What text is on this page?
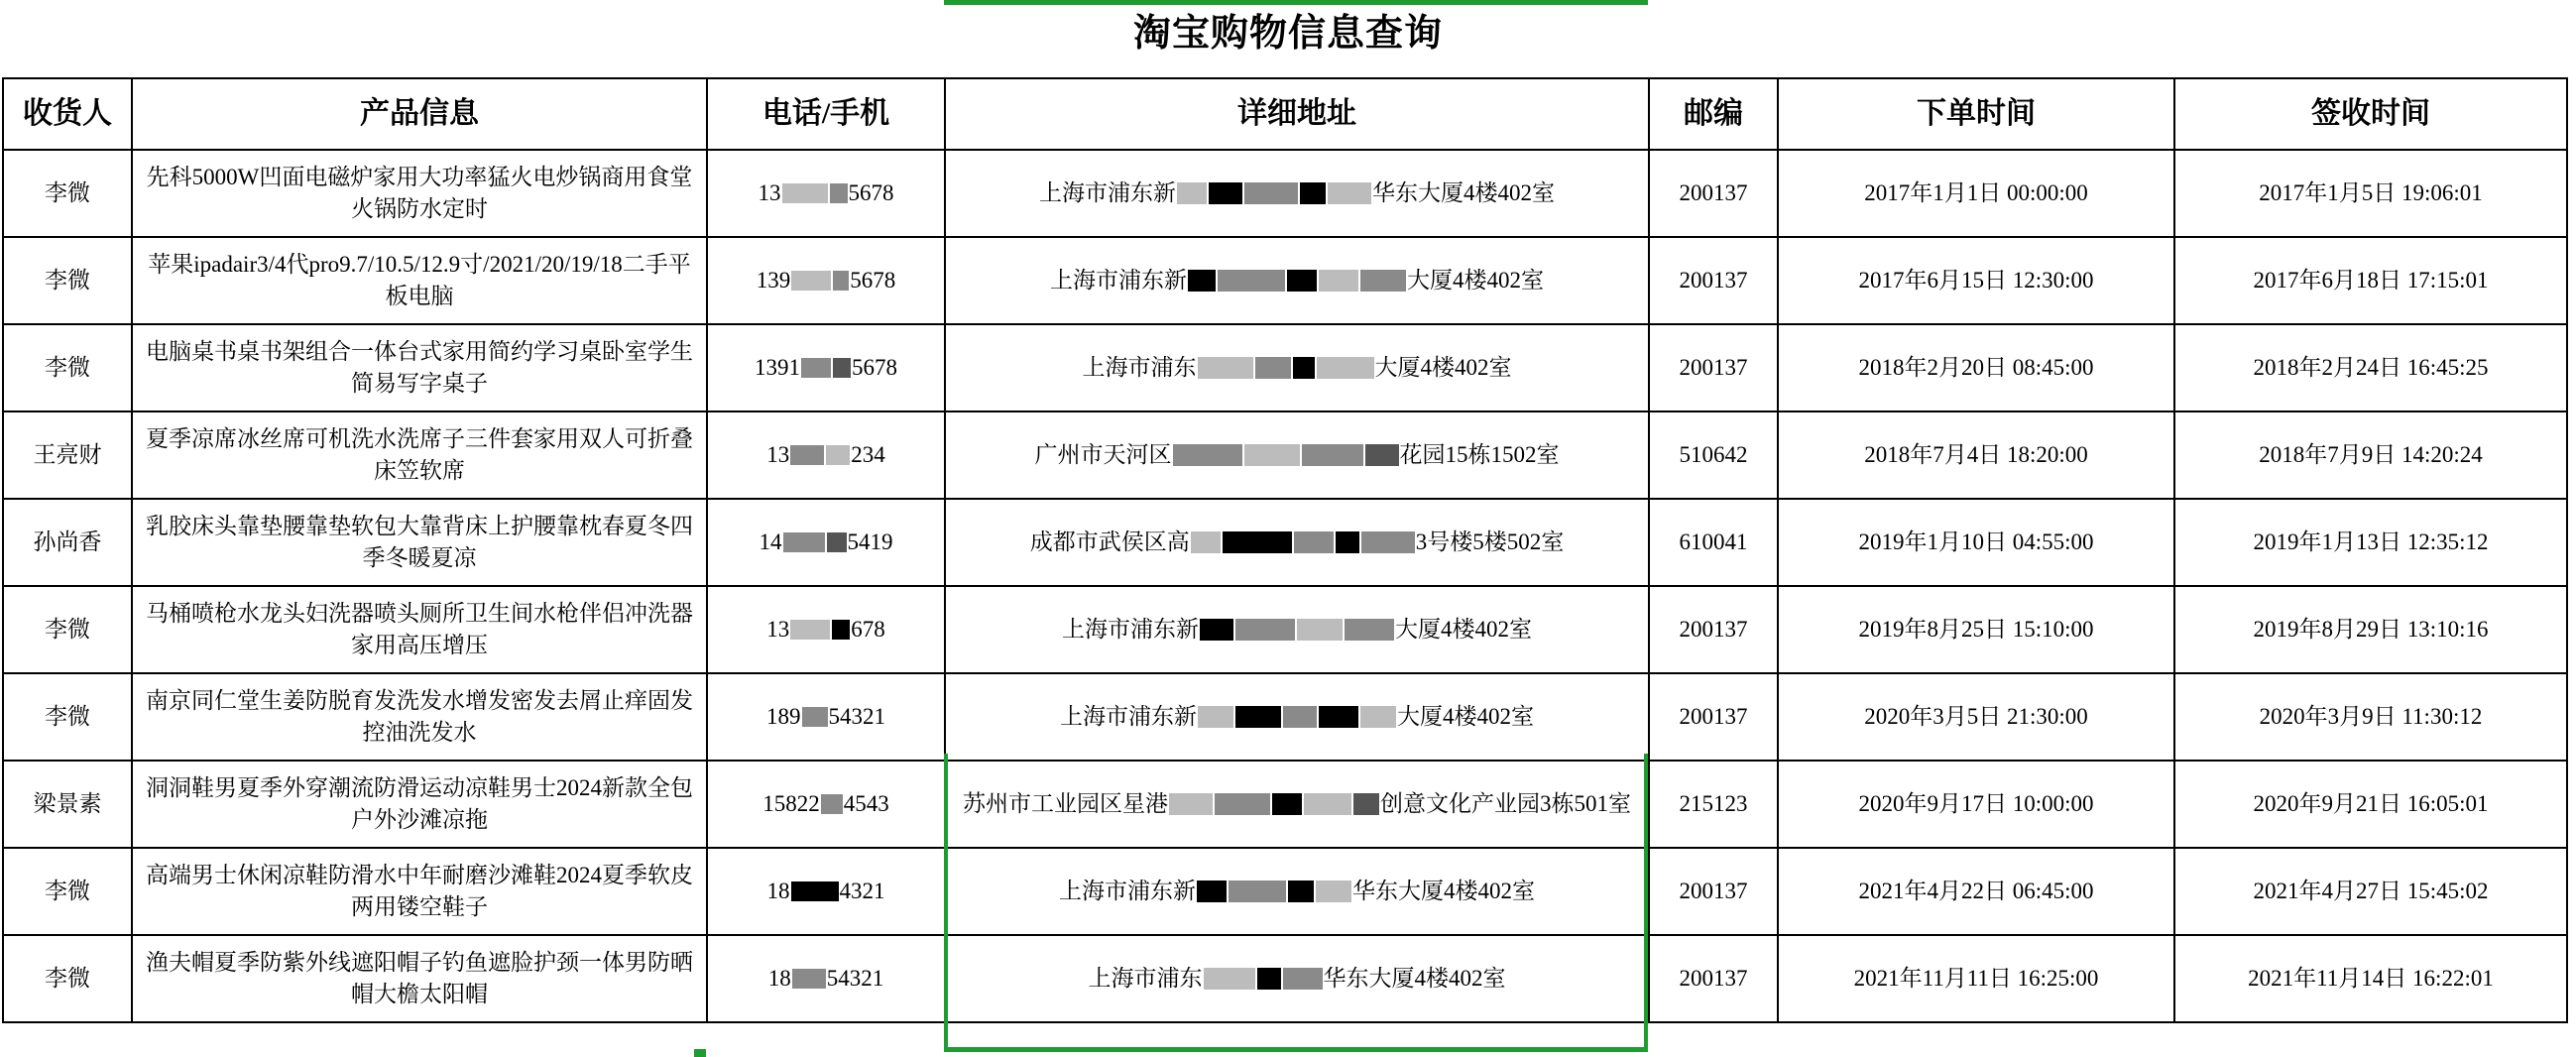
淘宝购物信息查询
收货人	产品信息	电话/手机	详细地址	邮编	下单时间	签收时间
李微	先科5000W凹面电磁炉家用大功率猛火电炒锅商用食堂火锅防水定时	13 5678	上海市浦东新 华东大厦4楼402室	200137	2017年1月1日 00:00:00	2017年1月5日 19:06:01
李微	苹果ipadair3/4代pro9.7/10.5/12.9寸/2021/20/19/18二手平板电脑	139 5678	上海市浦东新 大厦4楼402室	200137	2017年6月15日 12:30:00	2017年6月18日 17:15:01
李微	电脑桌书桌书架组合一体台式家用简约学习桌卧室学生简易写字桌子	1391 5678	上海市浦东 大厦4楼402室	200137	2018年2月20日 08:45:00	2018年2月24日 16:45:25
王亮财	夏季凉席冰丝席可机洗水洗席子三件套家用双人可折叠床笠软席	13 234	广州市天河区 花园15栋1502室	510642	2018年7月4日 18:20:00	2018年7月9日 14:20:24
孙尚香	乳胶床头靠垫腰靠垫软包大靠背床上护腰靠枕春夏冬四季冬暖夏凉	14 5419	成都市武侯区高 3号楼5楼502室	610041	2019年1月10日 04:55:00	2019年1月13日 12:35:12
李微	马桶喷枪水龙头妇洗器喷头厕所卫生间水枪伴侣冲洗器家用高压增压	13 678	上海市浦东新 大厦4楼402室	200137	2019年8月25日 15:10:00	2019年8月29日 13:10:16
李微	南京同仁堂生姜防脱育发洗发水增发密发去屑止痒固发控油洗发水	189 54321	上海市浦东新 大厦4楼402室	200137	2020年3月5日 21:30:00	2020年3月9日 11:30:12
梁景素	洞洞鞋男夏季外穿潮流防滑运动凉鞋男士2024新款全包户外沙滩凉拖	15822 4543	苏州市工业园区星港 创意文化产业园3栋501室	215123	2020年9月17日 10:00:00	2020年9月21日 16:05:01
李微	高端男士休闲凉鞋防滑水中年耐磨沙滩鞋2024夏季软皮两用镂空鞋子	18 4321	上海市浦东新 华东大厦4楼402室	200137	2021年4月22日 06:45:00	2021年4月27日 15:45:02
李微	渔夫帽夏季防紫外线遮阳帽子钓鱼遮脸护颈一体男防晒帽大檐太阳帽	18 54321	上海市浦东 华东大厦4楼402室	200137	2021年11月11日 16:25:00	2021年11月14日 16:22:01
